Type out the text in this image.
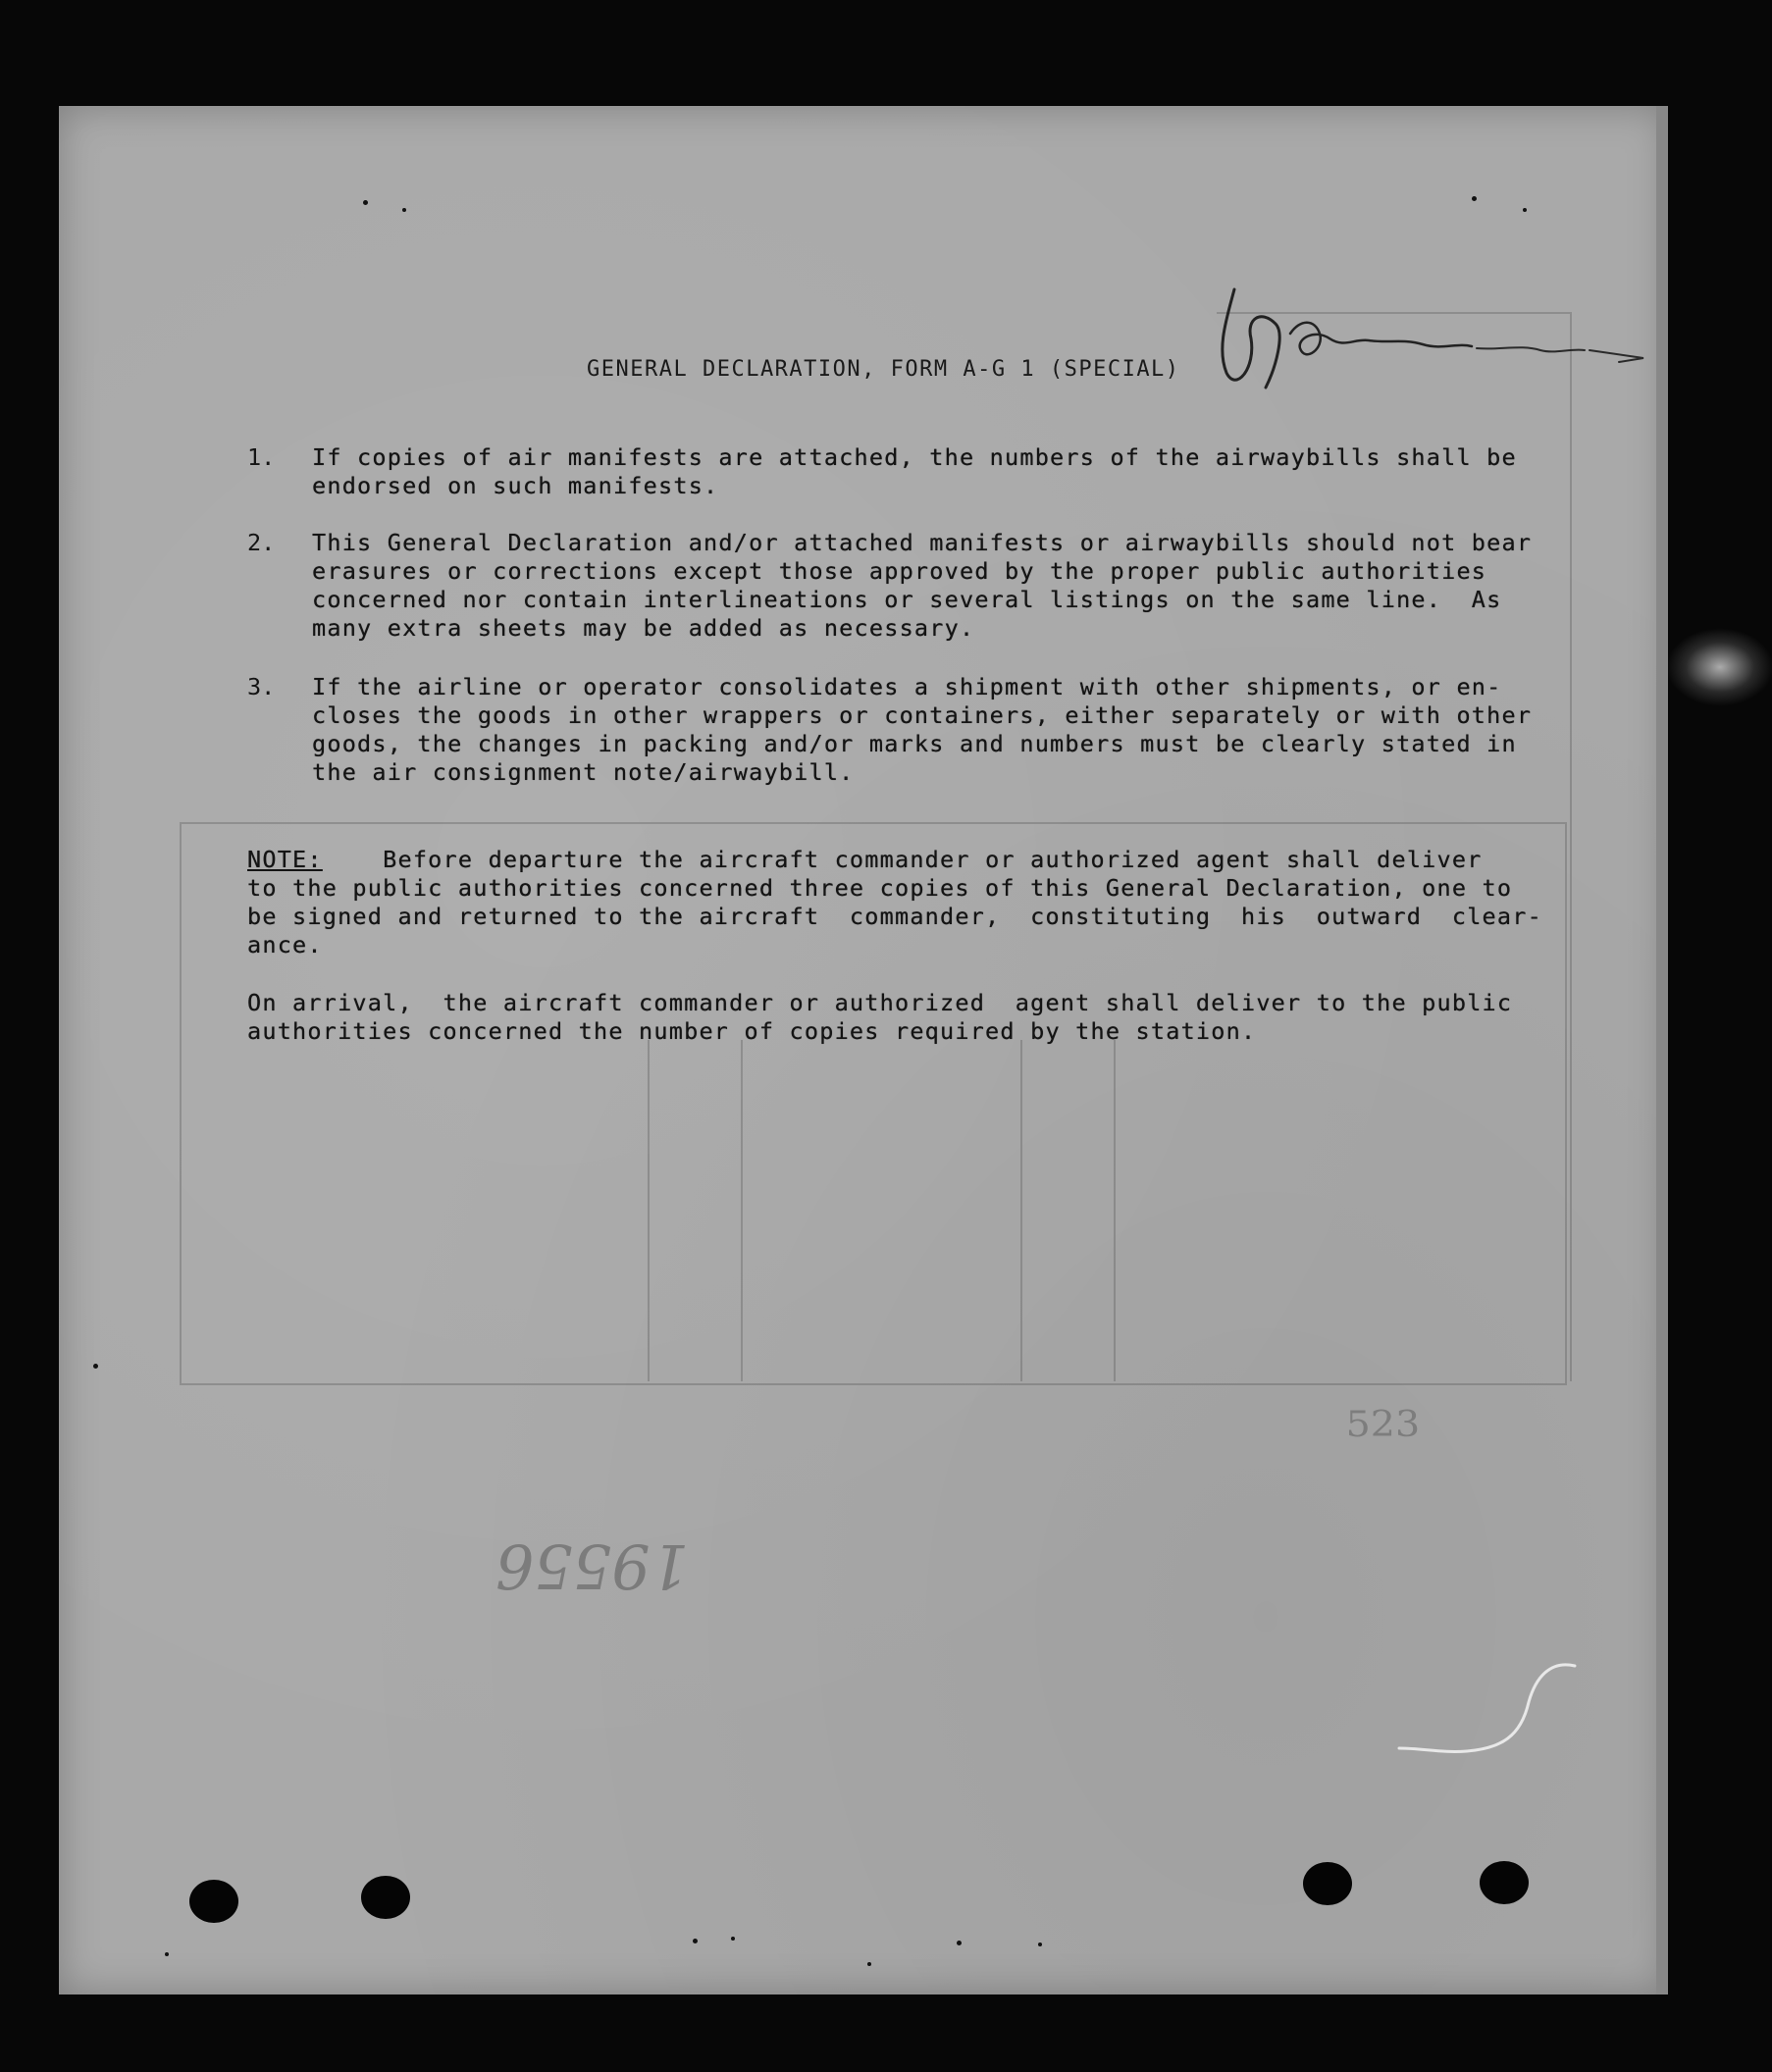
523
19556
GENERAL DECLARATION, FORM A-G 1 (SPECIAL)
1. If copies of air manifests are attached, the numbers of the airwaybills shall be

endorsed on such manifests.

2. This General Declaration and/or attached manifests or airwaybills should not bear

erasures or corrections except those approved by the proper public authorities

concerned nor contain interlineations or several listings on the same line.  As

many extra sheets may be added as necessary.

3. If the airline or operator consolidates a shipment with other shipments, or en-

closes the goods in other wrappers or containers, either separately or with other

goods, the changes in packing and/or marks and numbers must be clearly stated in

the air consignment note/airwaybill.

NOTE:    Before departure the aircraft commander or authorized agent shall deliver

to the public authorities concerned three copies of this General Declaration, one to

be signed and returned to the aircraft  commander,  constituting  his  outward  clear-

ance.

On arrival,  the aircraft commander or authorized  agent shall deliver to the public

authorities concerned the number of copies required by the station.
